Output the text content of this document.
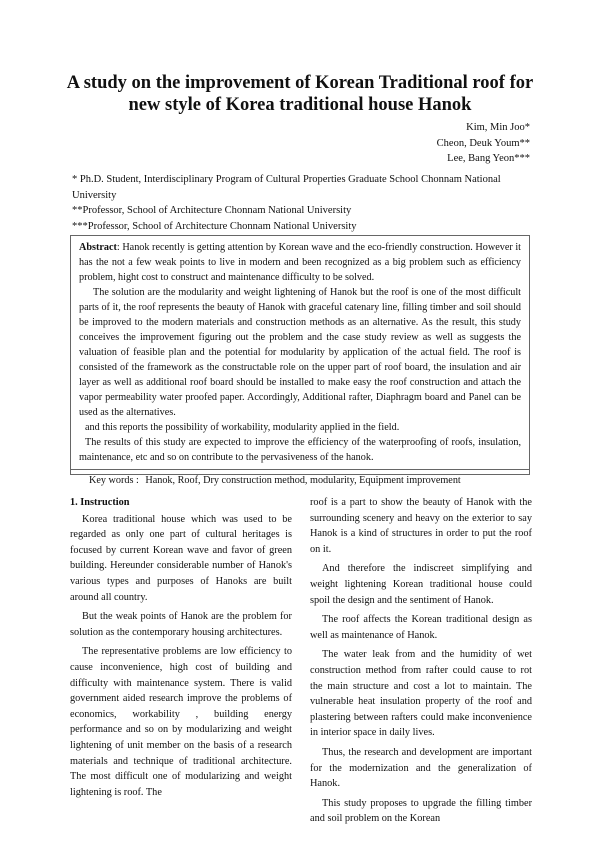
A study on the improvement of Korean Traditional roof for
new style of Korea traditional house Hanok
Kim, Min Joo*
Cheon, Deuk Youm**
Lee, Bang Yeon***

* Ph.D. Student, Interdisciplinary Program of Cultural Properties Graduate School Chonnam National University

**Professor, School of Architecture Chonnam National University

***Professor, School of Architecture Chonnam National University

Abstract: Hanok recently is getting attention by Korean wave and the eco-friendly construction. However it has the not a few weak points to live in modern and been recognized as a big problem such as efficiency problem, hight cost to construct and maintenance difficulty to be solved.

The solution are the modularity and weight lightening of Hanok but the roof is one of the most difficult parts of it, the roof represents the beauty of Hanok with graceful catenary line, filling timber and soil should be improved to the modern materials and construction methods as an alternative. As the result, this study conceives the improvement figuring out the problem and the case study review as well as suggests the valuation of feasible plan and the potential for modularity by application of the actual field. The roof is consisted of the framework as the constructable role on the upper part of roof board, the insulation and air layer as well as additional roof board should be installed to make easy the roof construction and attach the vapor permeability water proofed paper. Accordingly, Additional rafter, Diaphragm board and Panel can be used as the alternatives.

and this reports the possibility of workability, modularity applied in the field.

The results of this study are expected to improve the efficiency of the waterproofing of roofs, insulation, maintenance, etc and so on contribute to the pervasiveness of the hanok.

Key words : Hanok, Roof, Dry construction method, modularity, Equipment improvement
1. Instruction

Korea traditional house which was used to be regarded as only one part of cultural heritages is focused by current Korean wave and favor of green building. Hereunder considerable number of Hanok's various types and purposes of Hanoks are built around all country.

But the weak points of Hanok are the problem for solution as the contemporary housing architectures.

The representative problems are low efficiency to cause inconvenience, high cost of building and difficulty with maintenance system. There is valid government aided research improve the problems of economics, workability , building energy performance and so on by modularizing and weight lightening of unit member on the basis of a research materials and technique of traditional architecture. The most difficult one of modularizing and weight lightening is roof. The

roof is a part to show the beauty of Hanok with the surrounding scenery and heavy on the exterior to say Hanok is a kind of structures in order to put the roof on it.

And therefore the indiscreet simplifying and weight lightening Korean traditional house could spoil the design and the sentiment of Hanok.

The roof affects the Korean traditional design as well as maintenance of Hanok.

The water leak from and the humidity of wet construction method from rafter could cause to rot the main structure and cost a lot to maintain. The vulnerable heat insulation property of the roof and plastering between rafters could make inconvenience in interior space in daily lives.

Thus, the research and development are important for the modernization and the generalization of Hanok.

This study proposes to upgrade the filling timber and soil problem on the Korean
